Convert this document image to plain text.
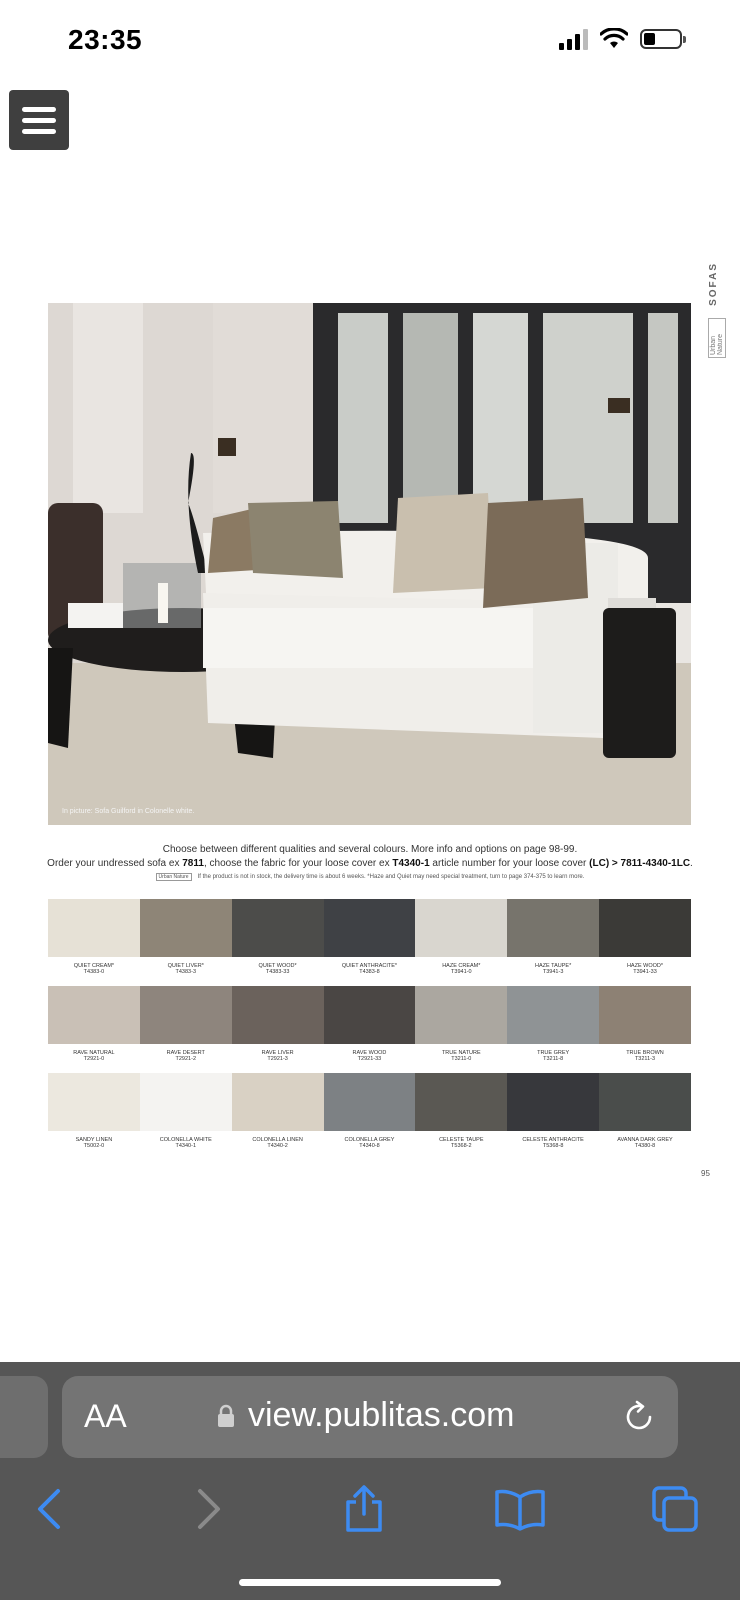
23:35
SOFAS
Urban Nature
In picture: Sofa Guilford in Colonelle white.
Choose between different qualities and several colours. More info and options on page 98-99.
Order your undressed sofa ex 7811, choose the fabric for your loose cover ex T4340-1 article number for your loose cover (LC) > 7811-4340-1LC.
Urban Nature If the product is not in stock, the delivery time is about 6 weeks. *Haze and Quiet may need special treatment, turn to page 374-375 to learn more.
QUIET CREAM*
T4383-0
QUIET LIVER*
T4383-3
QUIET WOOD*
T4383-33
QUIET ANTHRACITE*
T4383-8
HAZE CREAM*
T3941-0
HAZE TAUPE*
T3941-3
HAZE WOOD*
T3941-33
RAVE NATURAL
T2921-0
RAVE DESERT
T2921-2
RAVE LIVER
T2921-3
RAVE WOOD
T2921-33
TRUE NATURE
T3211-0
TRUE GREY
T3211-8
TRUE BROWN
T3211-3
SANDY LINEN
T5002-0
COLONELLA WHITE
T4340-1
COLONELLA LINEN
T4340-2
COLONELLA GREY
T4340-8
CELESTE TAUPE
T5368-2
CELESTE ANTHRACITE
T5368-8
AVANNA DARK GREY
T4380-8
95
AA	view.publitas.com
